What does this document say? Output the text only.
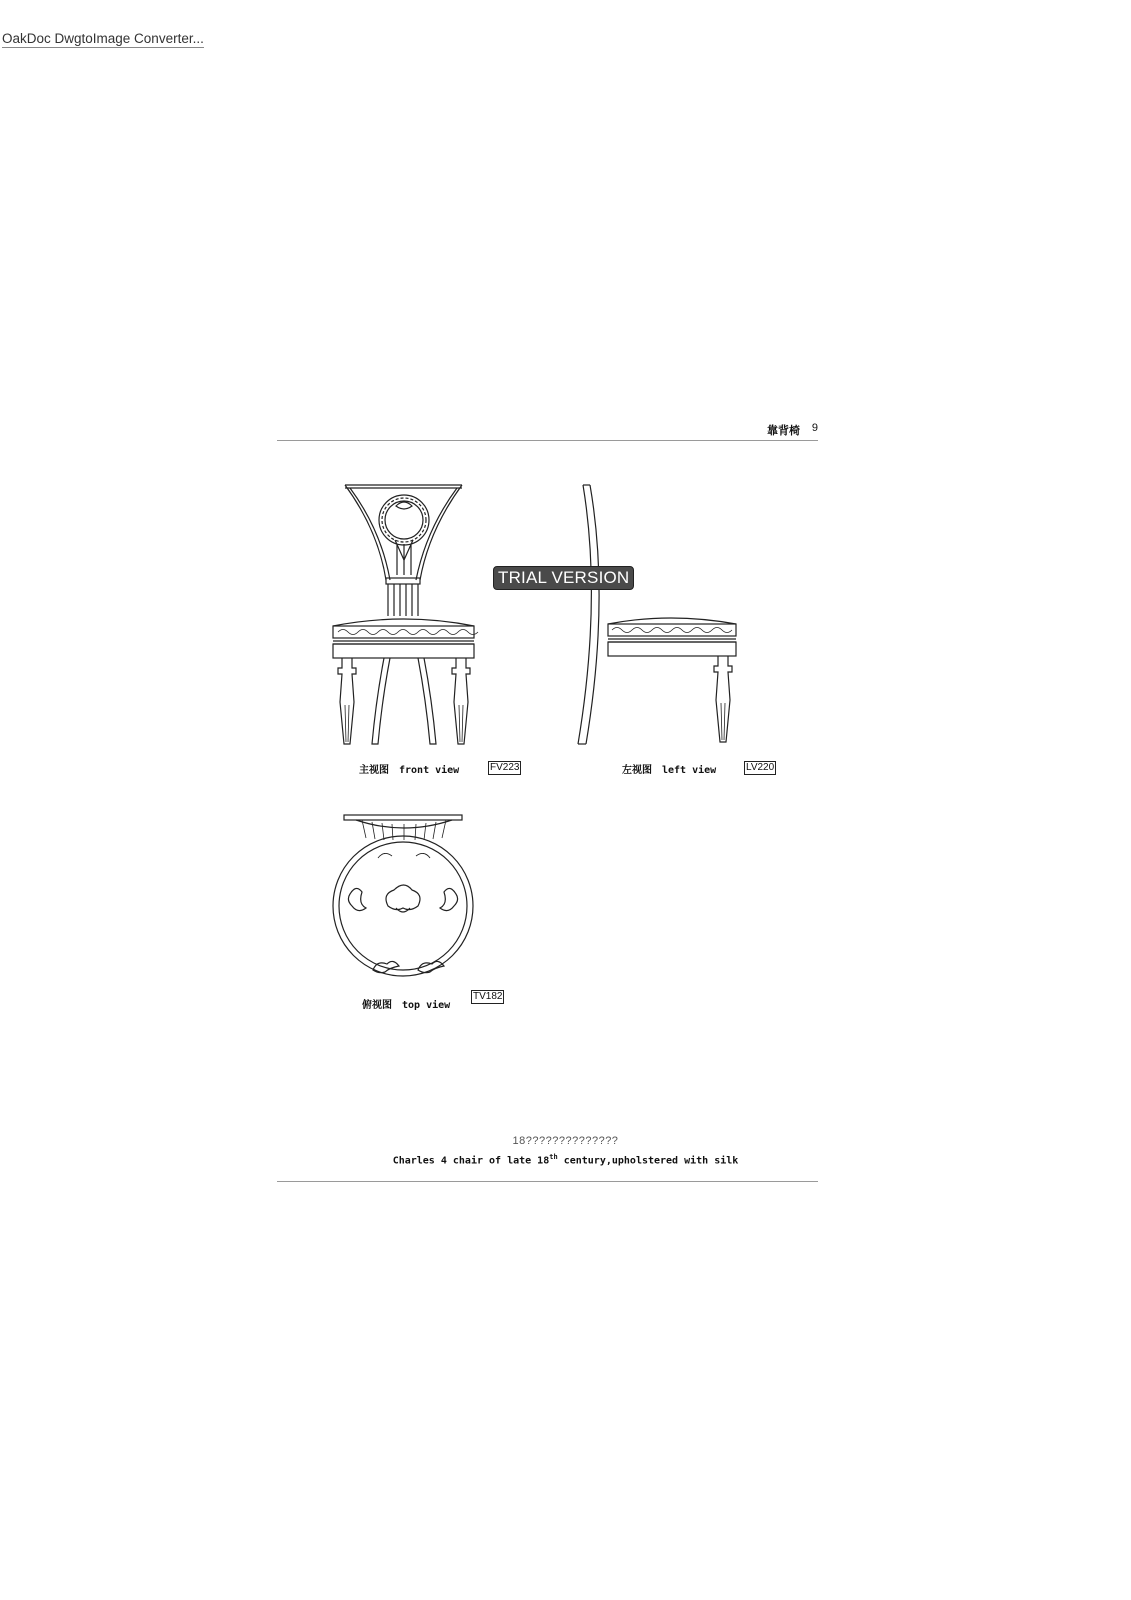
OakDoc DwgtoImage Converter...
靠背椅 9
TRIAL VERSION
主视图 front view	FV223	左视图 left view	LV220
俯视图 top view
TV182
18??????????????
Charles 4 chair of late 18th century,upholstered with silk
